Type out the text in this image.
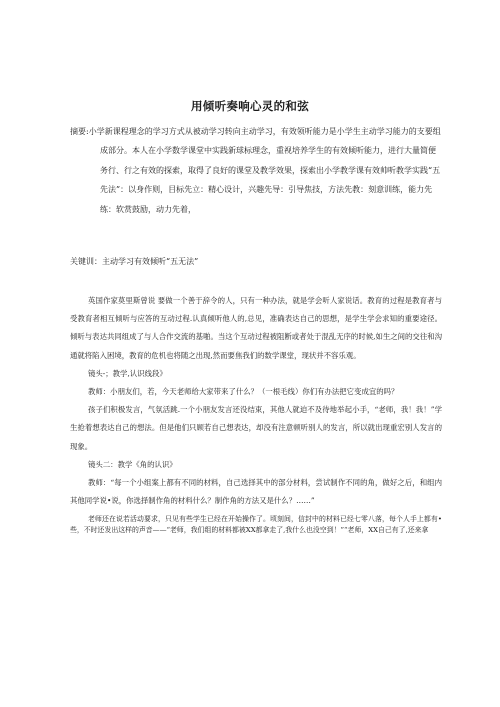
用倾听奏响心灵的和弦
摘要:小学新课程理念的学习方式从被动学习转向主动学习，有效领听能力是小学生主动学习能力的支要组成部分。本人在小学数学课堂中实践新球标理念，重视培养学生的有效倾听能力，进行大量简便务行、行之有效的探索，取得了良好的课堂及教学效果，探索出小学教学课有效帅听教学实践“五先法”：以身作则，目标先立：精心设计，兴趣先导：引导焦技，方法先教：刻意训练，能力先练：软赏鼓励，动力先着，
关键训：主动学习有效倾听“五无法”

英国作家莫里斯曾说 要做一个善于辞令的人，只有一种办法，就是学会听人家说话。教育的过程是教育者与受教育者相互倾听与应答的互动过程.认真倾听他人的,总见，准确表达自己的思想，是学生学会求知的重要途径。倾听与表达共同组成了与人合作交流的基啪。当这个互动过程被阻断或者处于混乱无序的时候,如生之间的交往和沟通就将陷入困境，教育的危机也将随之出现,然而要焦我们的数学课堂，现状并不容乐观。

镜头-；教学,认识线段》

教师：小朋友们，若，今天老师给大家带来了什么？（一根毛线）你们有办法把它变成宜的吗？

孩子们积极发言，气氛活跳.一个小朋友发言还没结束，其他人就迫不及待地举起小手，“老师，我！我！”学生抢着想表达自己的想法。但是他们只顾若自己想表达，却没有注意顿听别人的发言，所以就出现重宏别人发言的现象。

镜头二：教学《角的认识》

教师：“每一个小组案上都有不同的材料，自己选择其中的部分材料，尝试制作不同的角，做好之后，和组内其他同学说•说，你选择制作角的材料什么？制作角的方法又是什么？……”

老师还在说若活动要求，只见有些学生已经在开始操作了。顷刻间，信封中的材料已经七零八落，每个人手上都有•些，不时还发出这样的声音——“老师，我们组的材料都被XX都拿走了,我什么也没空到！”“老师，XX自己有了,还来拿
